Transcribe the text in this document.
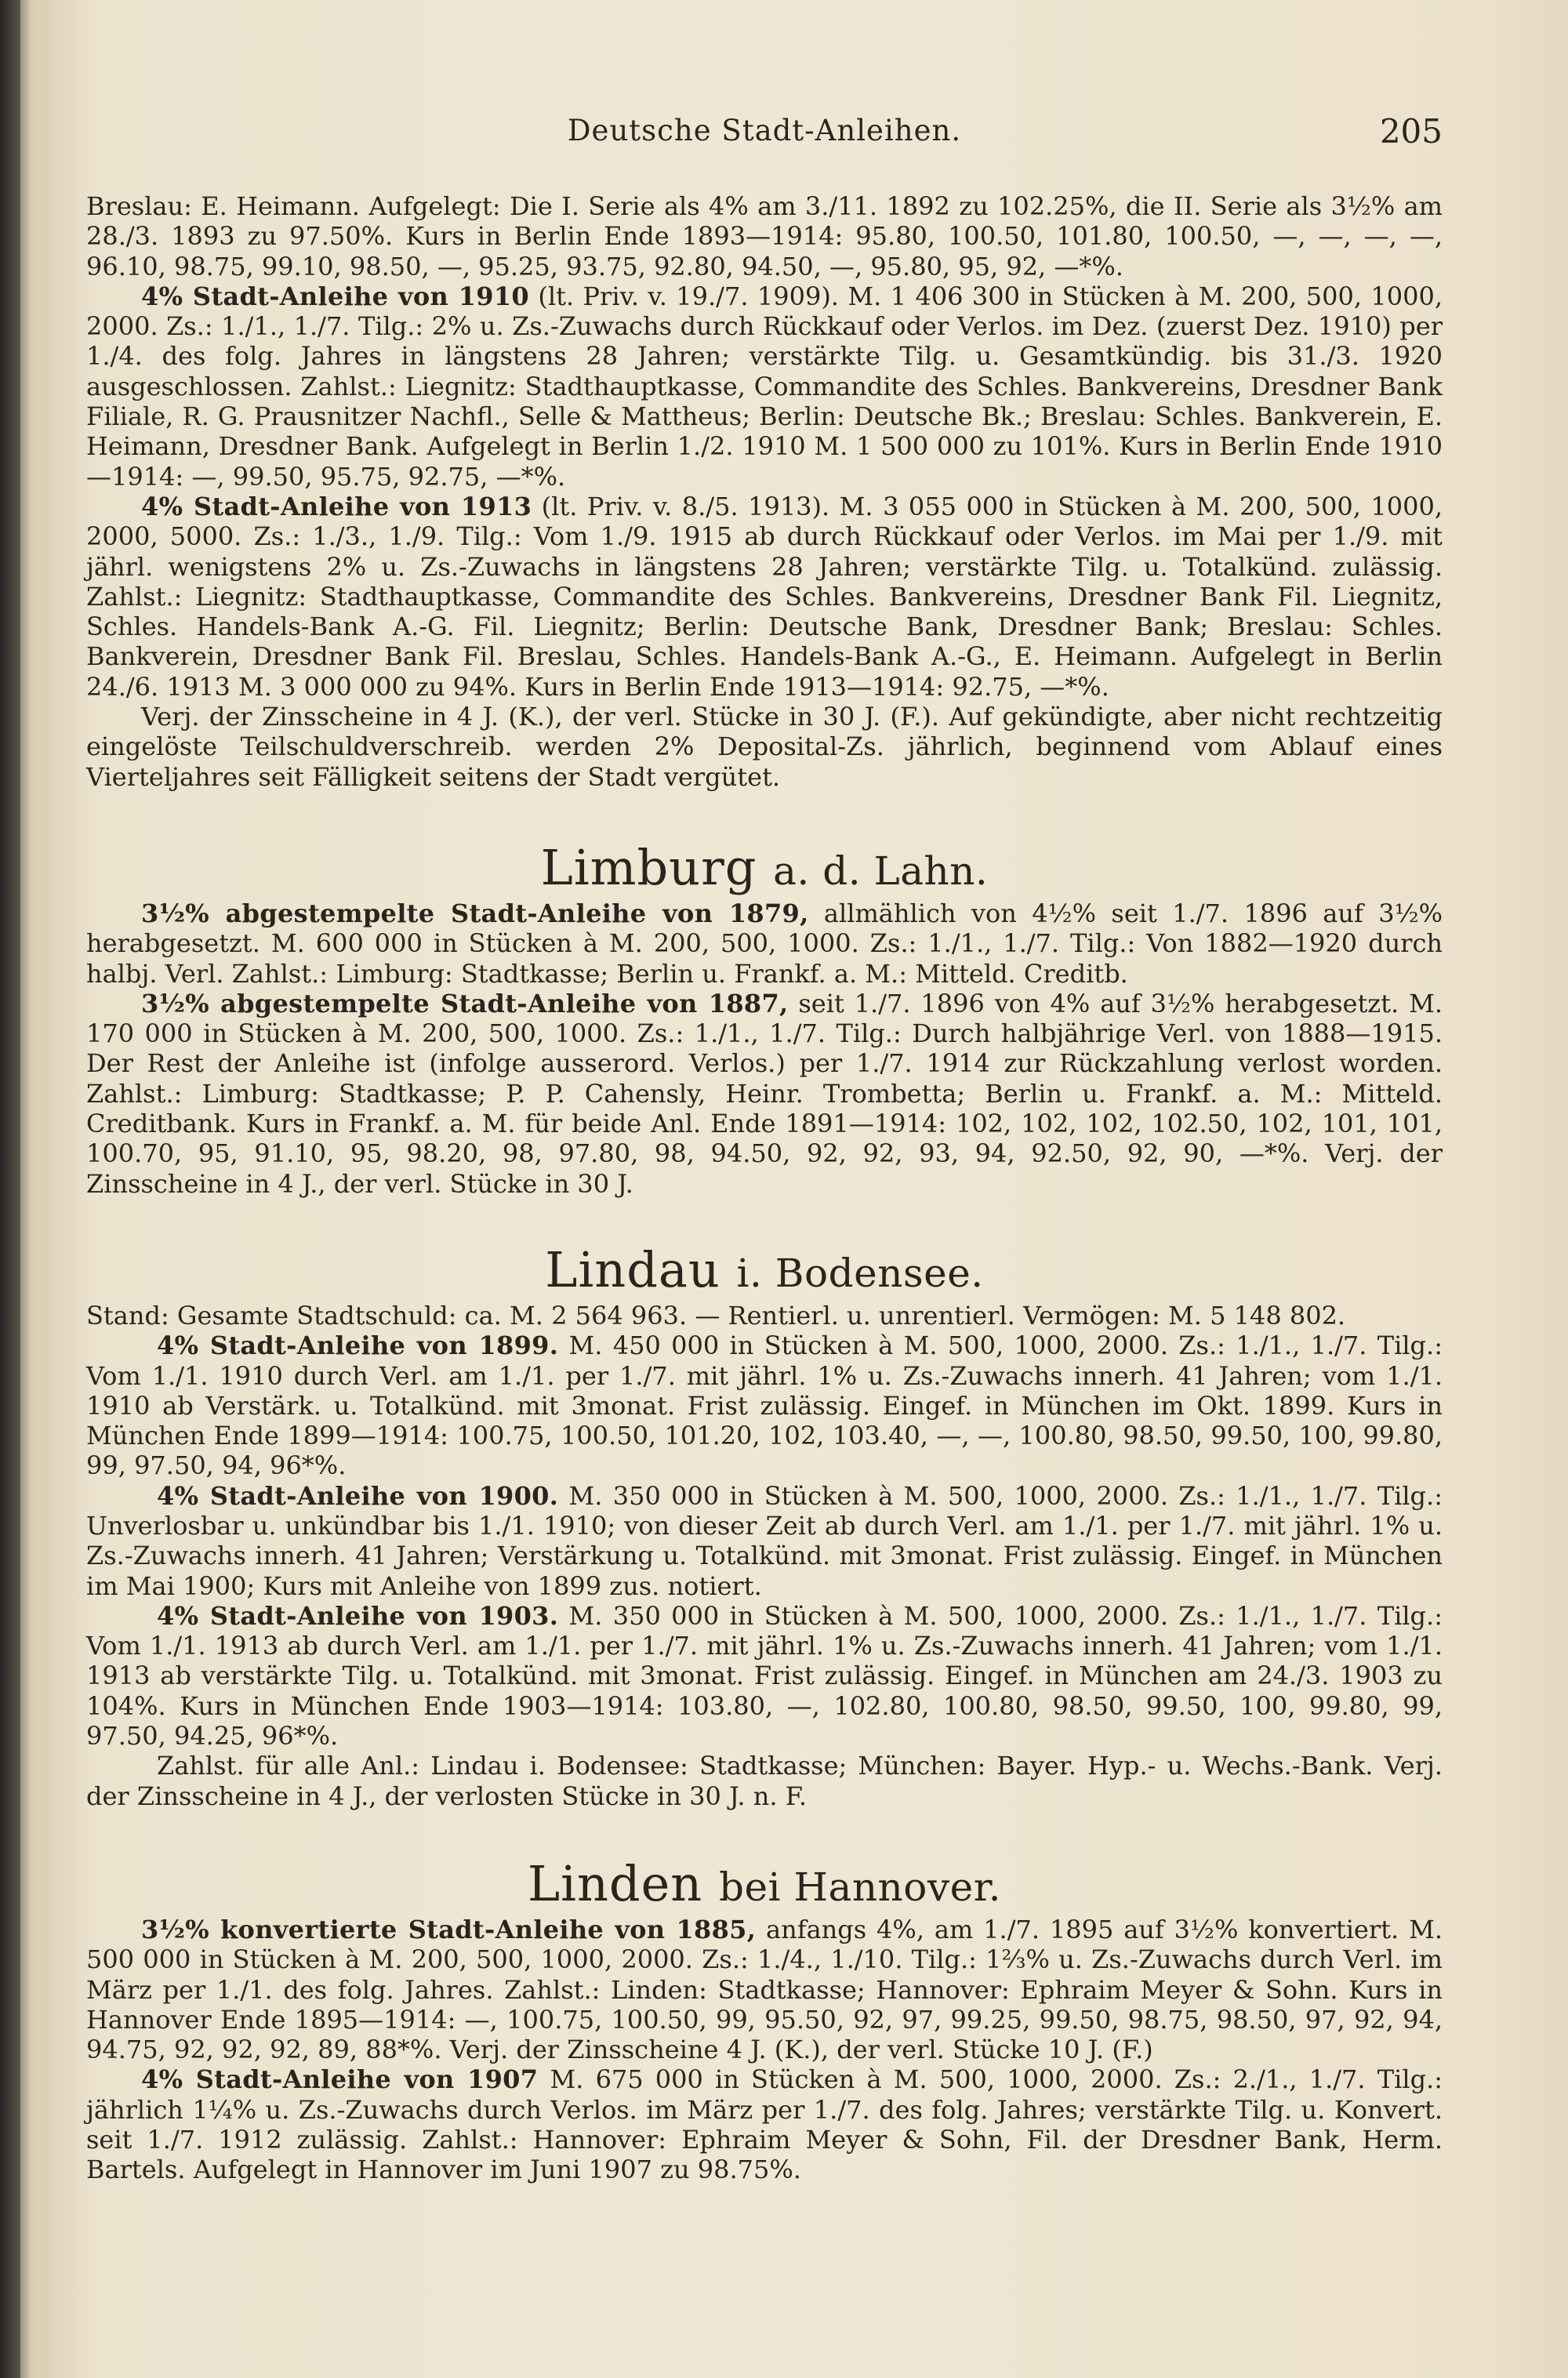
Deutsche Stadt-Anleihen.	205

Breslau: E. Heimann. Aufgelegt: Die I. Serie als 4% am 3./11. 1892 zu 102.25%, die II. Serie als 3½% am 28./3. 1893 zu 97.50%. Kurs in Berlin Ende 1893—1914: 95.80, 100.50, 101.80, 100.50, —, —, —, —, 96.10, 98.75, 99.10, 98.50, —, 95.25, 93.75, 92.80, 94.50, —, 95.80, 95, 92, —*%.

4% Stadt-Anleihe von 1910 (lt. Priv. v. 19./7. 1909). M. 1 406 300 in Stücken à M. 200, 500, 1000, 2000. Zs.: 1./1., 1./7. Tilg.: 2% u. Zs.-Zuwachs durch Rückkauf oder Verlos. im Dez. (zuerst Dez. 1910) per 1./4. des folg. Jahres in längstens 28 Jahren; verstärkte Tilg. u. Gesamtkündig. bis 31./3. 1920 ausgeschlossen. Zahlst.: Liegnitz: Stadthauptkasse, Commandite des Schles. Bankvereins, Dresdner Bank Filiale, R. G. Prausnitzer Nachfl., Selle & Mattheus; Berlin: Deutsche Bk.; Breslau: Schles. Bankverein, E. Heimann, Dresdner Bank. Aufgelegt in Berlin 1./2. 1910 M. 1 500 000 zu 101%. Kurs in Berlin Ende 1910—1914: —, 99.50, 95.75, 92.75, —*%.

4% Stadt-Anleihe von 1913 (lt. Priv. v. 8./5. 1913). M. 3 055 000 in Stücken à M. 200, 500, 1000, 2000, 5000. Zs.: 1./3., 1./9. Tilg.: Vom 1./9. 1915 ab durch Rückkauf oder Verlos. im Mai per 1./9. mit jährl. wenigstens 2% u. Zs.-Zuwachs in längstens 28 Jahren; verstärkte Tilg. u. Totalkünd. zulässig. Zahlst.: Liegnitz: Stadthauptkasse, Commandite des Schles. Bankvereins, Dresdner Bank Fil. Liegnitz, Schles. Handels-Bank A.-G. Fil. Liegnitz; Berlin: Deutsche Bank, Dresdner Bank; Breslau: Schles. Bankverein, Dresdner Bank Fil. Breslau, Schles. Handels-Bank A.-G., E. Heimann. Aufgelegt in Berlin 24./6. 1913 M. 3 000 000 zu 94%. Kurs in Berlin Ende 1913—1914: 92.75, —*%.

Verj. der Zinsscheine in 4 J. (K.), der verl. Stücke in 30 J. (F.). Auf gekündigte, aber nicht rechtzeitig eingelöste Teilschuldverschreib. werden 2% Deposital-Zs. jährlich, beginnend vom Ablauf eines Vierteljahres seit Fälligkeit seitens der Stadt vergütet.

Limburg a. d. Lahn.

3½% abgestempelte Stadt-Anleihe von 1879, allmählich von 4½% seit 1./7. 1896 auf 3½% herabgesetzt. M. 600 000 in Stücken à M. 200, 500, 1000. Zs.: 1./1., 1./7. Tilg.: Von 1882—1920 durch halbj. Verl. Zahlst.: Limburg: Stadtkasse; Berlin u. Frankf. a. M.: Mitteld. Creditb.

3½% abgestempelte Stadt-Anleihe von 1887, seit 1./7. 1896 von 4% auf 3½% herabgesetzt. M. 170 000 in Stücken à M. 200, 500, 1000. Zs.: 1./1., 1./7. Tilg.: Durch halbjährige Verl. von 1888—1915. Der Rest der Anleihe ist (infolge ausserord. Verlos.) per 1./7. 1914 zur Rückzahlung verlost worden. Zahlst.: Limburg: Stadtkasse; P. P. Cahensly, Heinr. Trombetta; Berlin u. Frankf. a. M.: Mitteld. Creditbank. Kurs in Frankf. a. M. für beide Anl. Ende 1891—1914: 102, 102, 102, 102.50, 102, 101, 101, 100.70, 95, 91.10, 95, 98.20, 98, 97.80, 98, 94.50, 92, 92, 93, 94, 92.50, 92, 90, —*%. Verj. der Zinsscheine in 4 J., der verl. Stücke in 30 J.

Lindau i. Bodensee.

Stand: Gesamte Stadtschuld: ca. M. 2 564 963. — Rentierl. u. unrentierl. Vermögen: M. 5 148 802.

4% Stadt-Anleihe von 1899. M. 450 000 in Stücken à M. 500, 1000, 2000. Zs.: 1./1., 1./7. Tilg.: Vom 1./1. 1910 durch Verl. am 1./1. per 1./7. mit jährl. 1% u. Zs.-Zuwachs innerh. 41 Jahren; vom 1./1. 1910 ab Verstärk. u. Totalkünd. mit 3monat. Frist zulässig. Eingef. in München im Okt. 1899. Kurs in München Ende 1899—1914: 100.75, 100.50, 101.20, 102, 103.40, —, —, 100.80, 98.50, 99.50, 100, 99.80, 99, 97.50, 94, 96*%.

4% Stadt-Anleihe von 1900. M. 350 000 in Stücken à M. 500, 1000, 2000. Zs.: 1./1., 1./7. Tilg.: Unverlosbar u. unkündbar bis 1./1. 1910; von dieser Zeit ab durch Verl. am 1./1. per 1./7. mit jährl. 1% u. Zs.-Zuwachs innerh. 41 Jahren; Verstärkung u. Totalkünd. mit 3monat. Frist zulässig. Eingef. in München im Mai 1900; Kurs mit Anleihe von 1899 zus. notiert.

4% Stadt-Anleihe von 1903. M. 350 000 in Stücken à M. 500, 1000, 2000. Zs.: 1./1., 1./7. Tilg.: Vom 1./1. 1913 ab durch Verl. am 1./1. per 1./7. mit jährl. 1% u. Zs.-Zuwachs innerh. 41 Jahren; vom 1./1. 1913 ab verstärkte Tilg. u. Totalkünd. mit 3monat. Frist zulässig. Eingef. in München am 24./3. 1903 zu 104%. Kurs in München Ende 1903—1914: 103.80, —, 102.80, 100.80, 98.50, 99.50, 100, 99.80, 99, 97.50, 94.25, 96*%.

Zahlst. für alle Anl.: Lindau i. Bodensee: Stadtkasse; München: Bayer. Hyp.- u. Wechs.-Bank. Verj. der Zinsscheine in 4 J., der verlosten Stücke in 30 J. n. F.

Linden bei Hannover.

3½% konvertierte Stadt-Anleihe von 1885, anfangs 4%, am 1./7. 1895 auf 3½% konvertiert. M. 500 000 in Stücken à M. 200, 500, 1000, 2000. Zs.: 1./4., 1./10. Tilg.: 1⅔% u. Zs.-Zuwachs durch Verl. im März per 1./1. des folg. Jahres. Zahlst.: Linden: Stadtkasse; Hannover: Ephraim Meyer & Sohn. Kurs in Hannover Ende 1895—1914: —, 100.75, 100.50, 99, 95.50, 92, 97, 99.25, 99.50, 98.75, 98.50, 97, 92, 94, 94.75, 92, 92, 92, 89, 88*%. Verj. der Zinsscheine 4 J. (K.), der verl. Stücke 10 J. (F.)

4% Stadt-Anleihe von 1907 M. 675 000 in Stücken à M. 500, 1000, 2000. Zs.: 2./1., 1./7. Tilg.: jährlich 1¼% u. Zs.-Zuwachs durch Verlos. im März per 1./7. des folg. Jahres; verstärkte Tilg. u. Konvert. seit 1./7. 1912 zulässig. Zahlst.: Hannover: Ephraim Meyer & Sohn, Fil. der Dresdner Bank, Herm. Bartels. Aufgelegt in Hannover im Juni 1907 zu 98.75%.
